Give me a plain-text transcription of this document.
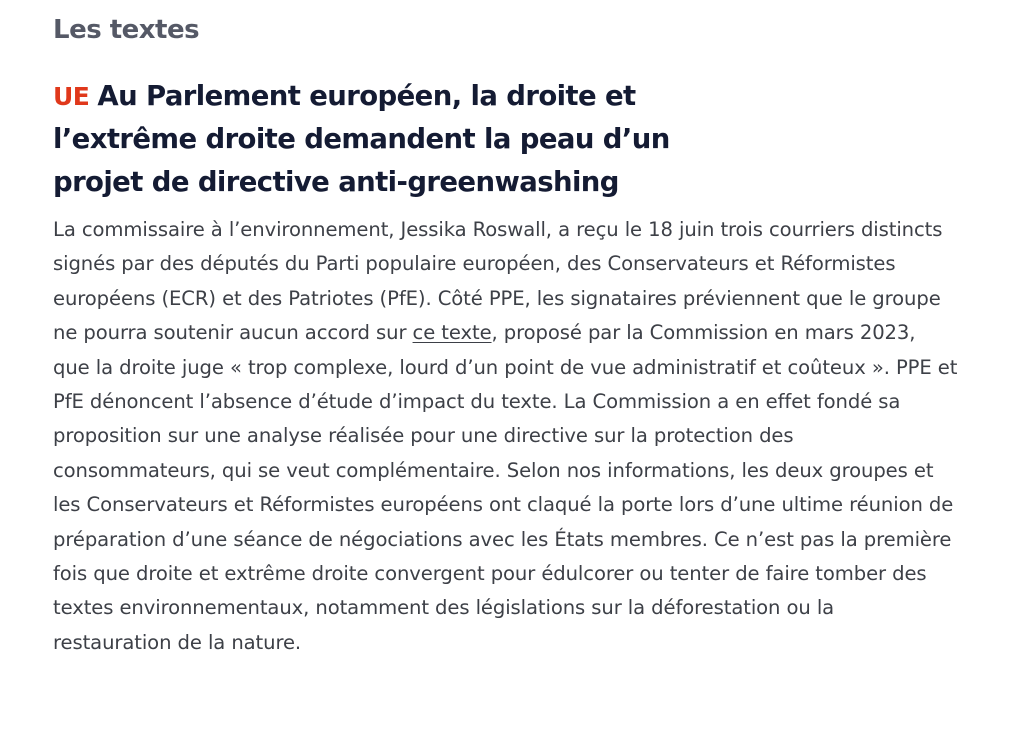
Les textes
UE Au Parlement européen, la droite et l’extrême droite demandent la peau d’un projet de directive anti-greenwashing

La commissaire à l’environnement, Jessika Roswall, a reçu le 18 juin trois courriers distincts signés par des députés du Parti populaire européen, des Conservateurs et Réformistes européens (ECR) et des Patriotes (PfE). Côté PPE, les signataires préviennent que le groupe ne pourra soutenir aucun accord sur ce texte, proposé par la Commission en mars 2023, que la droite juge « trop complexe, lourd d’un point de vue administratif et coûteux ». PPE et PfE dénoncent l’absence d’étude d’impact du texte. La Commission a en effet fondé sa proposition sur une analyse réalisée pour une directive sur la protection des consommateurs, qui se veut complémentaire. Selon nos informations, les deux groupes et les Conservateurs et Réformistes européens ont claqué la porte lors d’une ultime réunion de préparation d’une séance de négociations avec les États membres. Ce n’est pas la première fois que droite et extrême droite convergent pour édulcorer ou tenter de faire tomber des textes environnementaux, notamment des législations sur la déforestation ou la restauration de la nature.
